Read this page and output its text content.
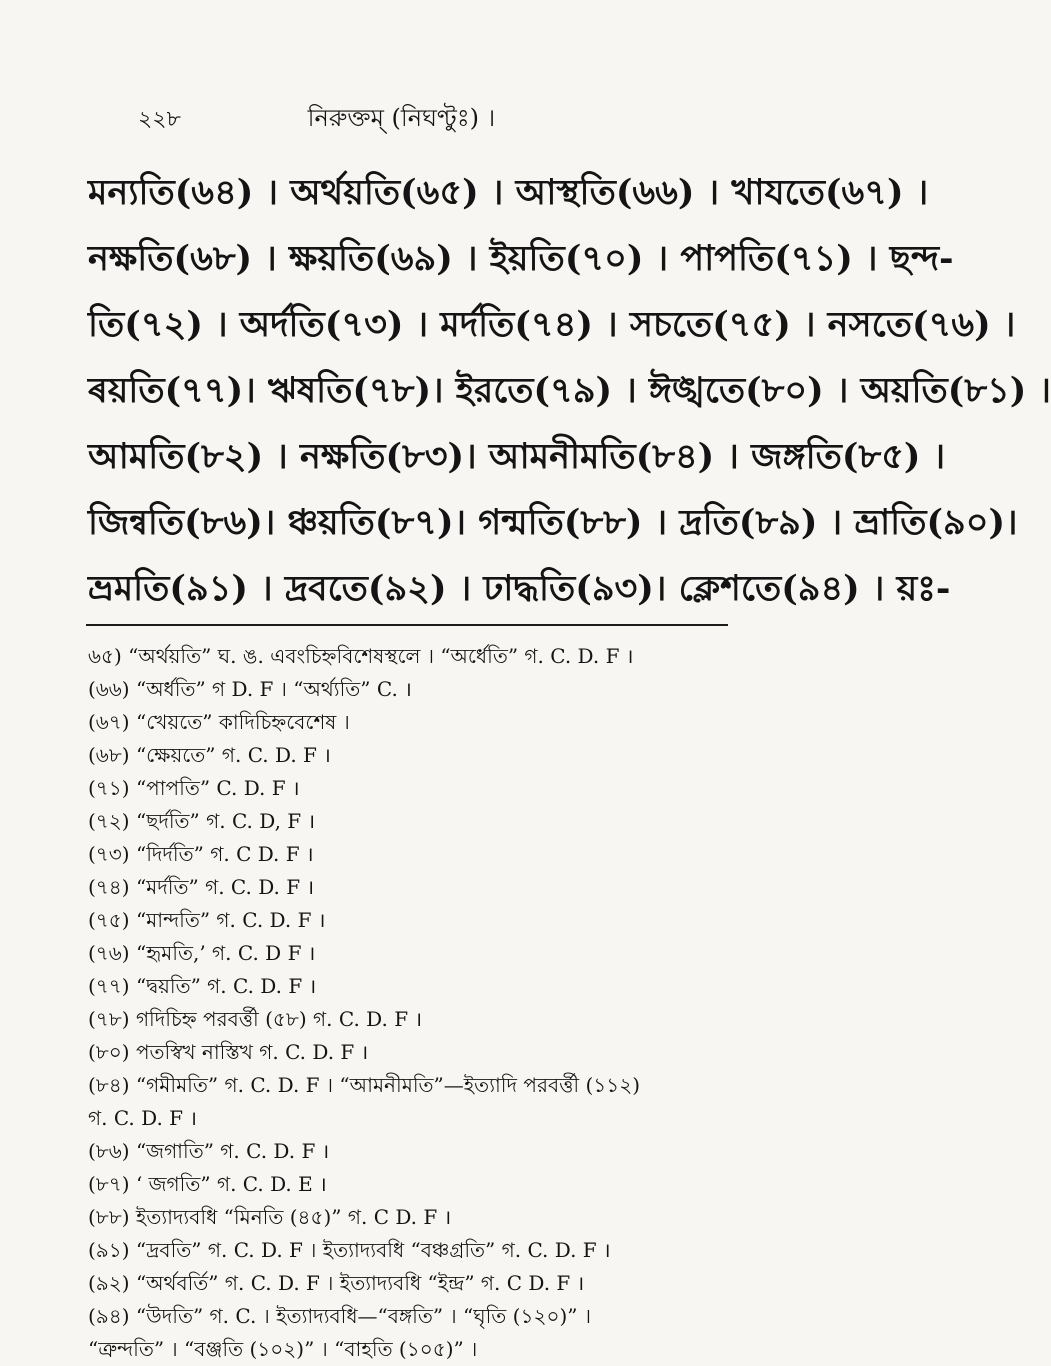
২২৮	নিরুক্তম্ (নিঘণ্টুঃ) ।
মন্যতি(৬৪) । অর্থয়তি(৬৫) । আস্থতি(৬৬) । খাযতে(৬৭) ।
নক্ষতি(৬৮) । ক্ষয়তি(৬৯) । ইয়তি(৭০) । পাপতি(৭১) । ছন্দ-
তি(৭২) । অর্দতি(৭৩) । মর্দতি(৭৪) । সচতে(৭৫) । নসতে(৭৬) ।
ৰয়তি(৭৭)। ঋষতি(৭৮)। ইরতে(৭৯) । ঈঙ্খতে(৮০) । অয়তি(৮১) ।
আমতি(৮২) । নক্ষতি(৮৩)। আমনীমতি(৮৪) । জঙ্গতি(৮৫) ।
জিন্বতি(৮৬)। ঞ্চয়তি(৮৭)। গন্মতি(৮৮) । দ্রতি(৮৯) । ভ্রাতি(৯০)।
ভ্রমতি(৯১) । দ্রবতে(৯২) । ঢাদ্ধতি(৯৩)। ক্লেশতে(৯৪) । য়ঃ-
৬৫) “অর্থয়তি” ঘ. ঙ. এবংচিহ্নবিশেষস্থলে । “অর্ধেতি” গ. C. D. F ।
(৬৬) “অৰ্ধতি” গ D. F । “অৰ্থ্যতি” C. ।
(৬৭) “খেয়তে” কাদিচিহ্নবেশেষ ।
(৬৮) “ক্ষেয়তে” গ. C. D. F ।
(৭১) “পাপতি” C. D. F ।
(৭২) “ছৰ্দতি” গ. C. D, F ।
(৭৩) “দিৰ্দতি” গ. C D. F ।
(৭৪) “মৰ্দতি” গ. C. D. F ।
(৭৫) “মান্দতি” গ. C. D. F ।
(৭৬) “হৃমতি,’ গ. C. D F ।
(৭৭) “দ্বয়তি” গ. C. D. F ।
(৭৮) গদিচিহ্ন পরবৰ্ত্তী (৫৮) গ. C. D. F ।
(৮০) পতস্বিখ নাস্তিখ গ. C. D. F ।
(৮৪) “গমীমতি” গ. C. D. F । “আমনীমতি”—ইত্যাদি পরবৰ্ত্তী (১১২)
গ. C. D. F ।
(৮৬) “জগাতি” গ. C. D. F ।
(৮৭) ‘ জগতি” গ. C. D. E ।
(৮৮) ইত্যাদ্যবধি “মিনতি (৪৫)” গ. C D. F ।
(৯১) “দ্ৰবতি” গ. C. D. F । ইত্যাদ্যবধি “বঞ্চগ্রতি” গ. C. D. F ।
(৯২) “অৰ্থবৰ্তি” গ. C. D. F । ইত্যাদ্যবধি “ইন্দ্র” গ. C D. F ।
(৯৪) “উদতি” গ. C. । ইত্যাদ্যবধি—“বঙ্গতি” । “ঘৃতি (১২০)” ।
“ত্রুন্দতি” । “বঞ্জতি (১০২)” । “বাহতি (১০৫)” ।
